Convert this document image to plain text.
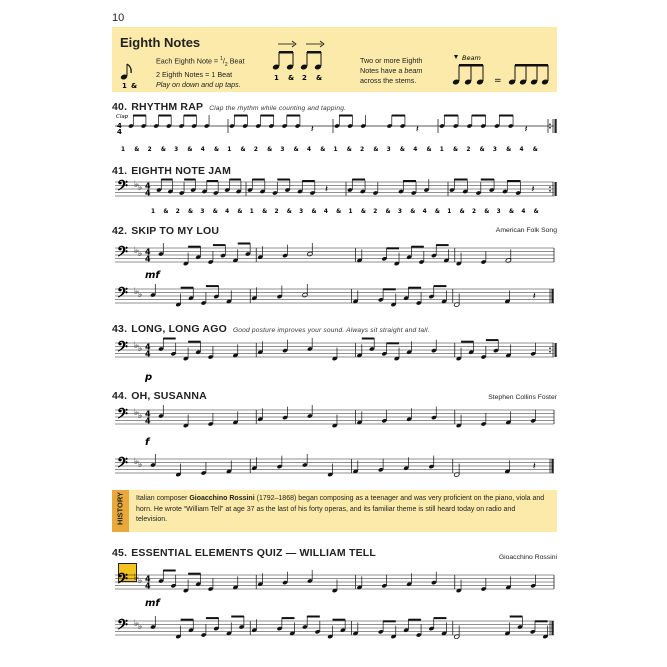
10
Eighth Notes
1 &
Each Eighth Note = $^1/_2$ Beat
2 Eighth Notes = 1 Beat
Play on down and up taps.
1 & 2 &
Two or more Eighth
Notes have a beam
across the stems.
Beam
=
40. RHYTHM RAP Clap the rhythm while counting and tapping.
41. EIGHTH NOTE JAM
42. SKIP TO MY LOU	American Folk Song
43. LONG, LONG AGO Good posture improves your sound. Always sit straight and tall.
44. OH, SUSANNA	Stephen Collins Foster
HISTORY Italian composer Gioacchino Rossini (1792–1868) began composing as a teenager and was very proficient on the piano, viola and horn. He wrote “William Tell” at age 37 as the last of his forty operas, and its familiar theme is still heard today on radio and television.
45. ESSENTIAL ELEMENTS QUIZ — WILLIAM TELL	Gioacchino Rossini
4
4
Clap
𝄽	𝄽	𝄽
1 & 2 & 3 & 4 & 1 & 2 & 3 & 4 & 1 & 2 & 3 & 4 & 1 & 2 & 3 & 4 &
𝄢 ♭ ♭ 4
4	𝄽	𝄽
1 & 2 & 3 & 4 & 1 & 2 & 3 & 4 & 1 & 2 & 3 & 4 & 1 & 2 & 3 & 4 &
𝄢 ♭ ♭ 4
4
mf
𝄢 ♭ ♭	𝄽
𝄢 ♭ ♭ 4
4
p
𝄢 ♭ ♭ 4
4
f
𝄢 ♭ ♭	𝄽
𝄢 ♭ ♭ 4
4
mf
𝄢 ♭ ♭
